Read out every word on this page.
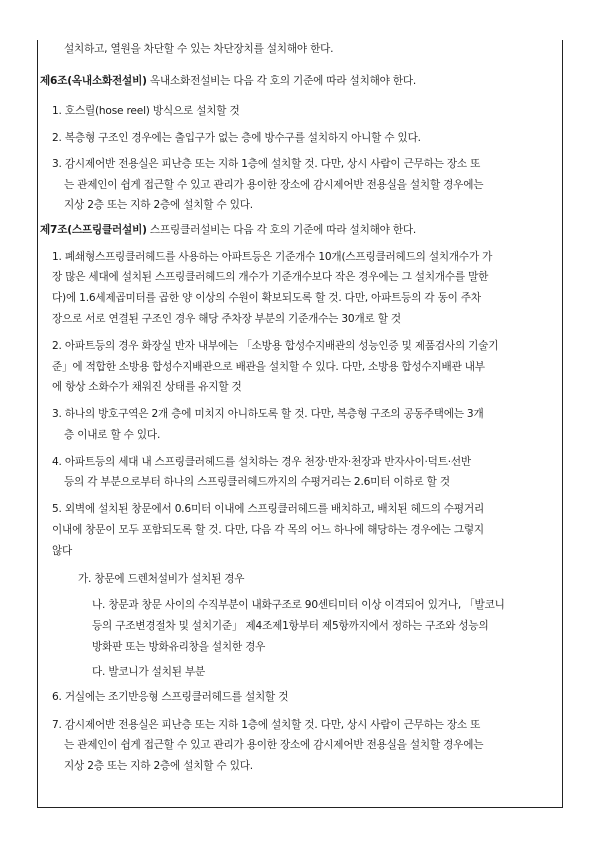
설치하고, 열원을 차단할 수 있는 차단장치를 설치해야 한다.
제6조(옥내소화전설비) 옥내소화전설비는 다음 각 호의 기준에 따라 설치해야 한다.
1. 호스릴(hose reel) 방식으로 설치할 것
2. 복층형 구조인 경우에는 출입구가 없는 층에 방수구를 설치하지 아니할 수 있다.
3. 감시제어반 전용실은 피난층 또는 지하 1층에 설치할 것. 다만, 상시 사람이 근무하는 장소 또
는 관제인이 쉽게 접근할 수 있고 관리가 용이한 장소에 감시제어반 전용실을 설치할 경우에는
지상 2층 또는 지하 2층에 설치할 수 있다.
제7조(스프링클러설비) 스프링클러설비는 다음 각 호의 기준에 따라 설치해야 한다.
1. 폐쇄형스프링클러헤드를 사용하는 아파트등은 기준개수 10개(스프링클러헤드의 설치개수가 가
장 많은 세대에 설치된 스프링클러헤드의 개수가 기준개수보다 작은 경우에는 그 설치개수를 말한
다)에 1.6세제곱미터를 곱한 양 이상의 수원이 확보되도록 할 것. 다만, 아파트등의 각 동이 주차
장으로 서로 연결된 구조인 경우 해당 주차장 부분의 기준개수는 30개로 할 것
2. 아파트등의 경우 화장실 반자 내부에는 「소방용 합성수지배관의 성능인증 및 제품검사의 기술기
준」에 적합한 소방용 합성수지배관으로 배관을 설치할 수 있다. 다만, 소방용 합성수지배관 내부
에 항상 소화수가 채워진 상태를 유지할 것
3. 하나의 방호구역은 2개 층에 미치지 아니하도록 할 것. 다만, 복층형 구조의 공동주택에는 3개
층 이내로 할 수 있다.
4. 아파트등의 세대 내 스프링클러헤드를 설치하는 경우 천장·반자·천장과 반자사이·덕트·선반
등의 각 부분으로부터 하나의 스프링클러헤드까지의 수평거리는 2.6미터 이하로 할 것
5. 외벽에 설치된 창문에서 0.6미터 이내에 스프링클러헤드를 배치하고, 배치된 헤드의 수평거리
이내에 창문이 모두 포함되도록 할 것. 다만, 다음 각 목의 어느 하나에 해당하는 경우에는 그렇지
않다
가. 창문에 드렌처설비가 설치된 경우
나. 창문과 창문 사이의 수직부분이 내화구조로 90센티미터 이상 이격되어 있거나, 「발코니
등의 구조변경절차 및 설치기준」 제4조제1항부터 제5항까지에서 정하는 구조와 성능의
방화판 또는 방화유리창을 설치한 경우
다. 발코니가 설치된 부분
6. 거실에는 조기반응형 스프링클러헤드를 설치할 것
7. 감시제어반 전용실은 피난층 또는 지하 1층에 설치할 것. 다만, 상시 사람이 근무하는 장소 또
는 관제인이 쉽게 접근할 수 있고 관리가 용이한 장소에 감시제어반 전용실을 설치할 경우에는
지상 2층 또는 지하 2층에 설치할 수 있다.
